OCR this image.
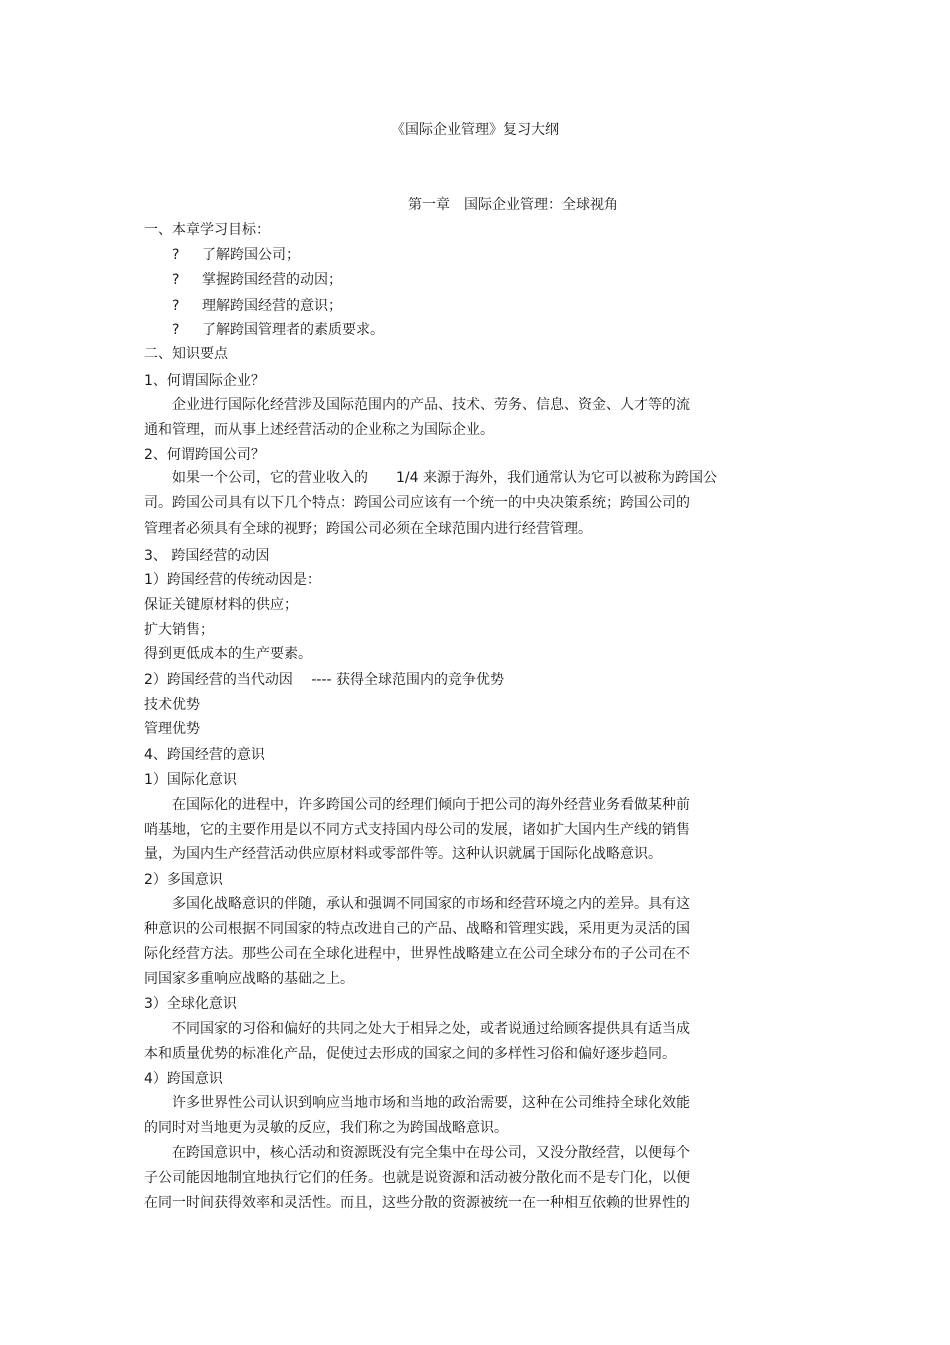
《国际企业管理》复习大纲
第一章　国际企业管理：全球视角
一、本章学习目标：
? 了解跨国公司；
? 掌握跨国经营的动因；
? 理解跨国经营的意识；
? 了解跨国管理者的素质要求。
二、知识要点
1、何谓国际企业？
　　企业进行国际化经营涉及国际范围内的产品、技术、劳务、信息、资金、人才等的流
通和管理，而从事上述经营活动的企业称之为国际企业。
2、何谓跨国公司？
　　如果一个公司，它的营业收入的　　1/4 来源于海外，我们通常认为它可以被称为跨国公
司。跨国公司具有以下几个特点：跨国公司应该有一个统一的中央决策系统；跨国公司的
管理者必须具有全球的视野；跨国公司必须在全球范围内进行经营管理。
3、 跨国经营的动因
1）跨国经营的传统动因是：
保证关键原材料的供应；
扩大销售；
得到更低成本的生产要素。
2）跨国经营的当代动因　 ---- 获得全球范围内的竞争优势
技术优势
管理优势
4、跨国经营的意识
1）国际化意识
　　在国际化的进程中，许多跨国公司的经理们倾向于把公司的海外经营业务看做某种前
哨基地，它的主要作用是以不同方式支持国内母公司的发展，诸如扩大国内生产线的销售
量，为国内生产经营活动供应原材料或零部件等。这种认识就属于国际化战略意识。
2）多国意识
　　多国化战略意识的伴随，承认和强调不同国家的市场和经营环境之内的差异。具有这
种意识的公司根据不同国家的特点改进自己的产品、战略和管理实践，采用更为灵活的国
际化经营方法。那些公司在全球化进程中，世界性战略建立在公司全球分布的子公司在不
同国家多重响应战略的基础之上。
3）全球化意识
　　不同国家的习俗和偏好的共同之处大于相异之处，或者说通过给顾客提供具有适当成
本和质量优势的标准化产品，促使过去形成的国家之间的多样性习俗和偏好逐步趋同。
4）跨国意识
　　许多世界性公司认识到响应当地市场和当地的政治需要，这种在公司维持全球化效能
的同时对当地更为灵敏的反应，我们称之为跨国战略意识。
　　在跨国意识中，核心活动和资源既没有完全集中在母公司，又没分散经营，以便每个
子公司能因地制宜地执行它们的任务。也就是说资源和活动被分散化而不是专门化，以便
在同一时间获得效率和灵活性。而且，这些分散的资源被统一在一种相互依赖的世界性的
